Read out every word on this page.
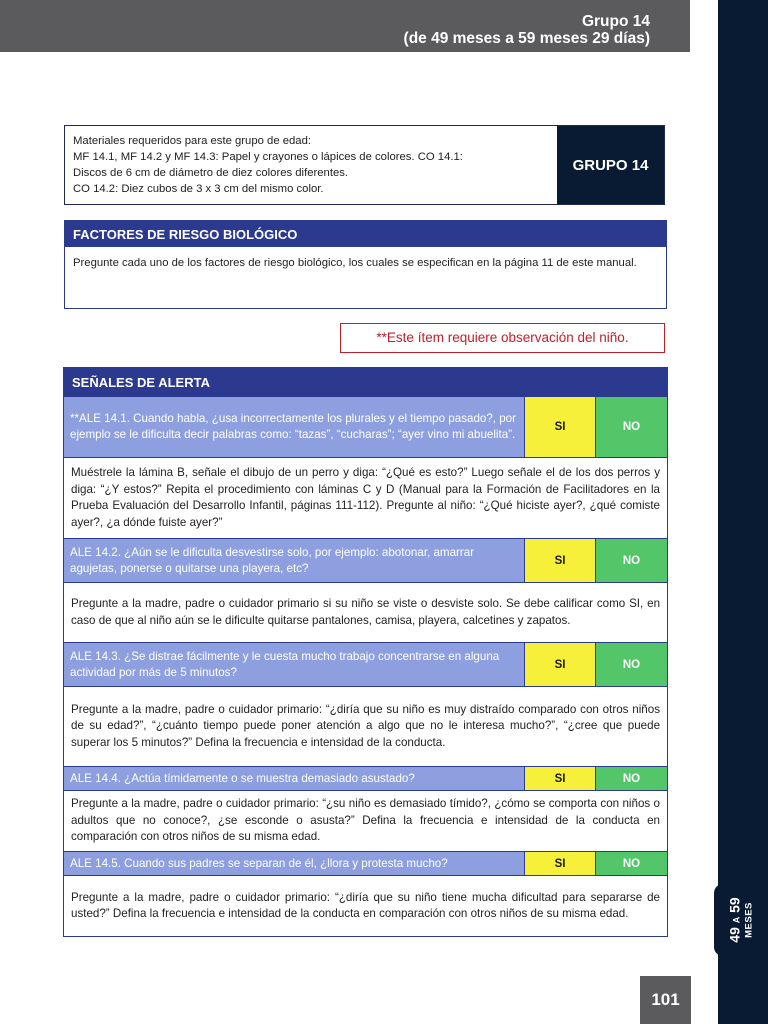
Grupo 14
(de 49 meses a 59 meses 29 días)
49 A 59 MESES
Materiales requeridos para este grupo de edad:
MF 14.1, MF 14.2 y MF 14.3: Papel y crayones o lápices de colores. CO 14.1:
Discos de 6 cm de diámetro de diez colores diferentes.
CO 14.2: Diez cubos de 3 x 3 cm del mismo color.
GRUPO 14
FACTORES DE RIESGO BIOLÓGICO
Pregunte cada uno de los factores de riesgo biológico, los cuales se especifican en la página 11 de este manual.
**Este ítem requiere observación del niño.
SEÑALES DE ALERTA		
**ALE 14.1. Cuando habla, ¿usa incorrectamente los plurales y el tiempo pasado?, por ejemplo se le dificulta decir palabras como: “tazas”, “cucharas”; “ayer vino mi abuelita”.	SI	NO
Muéstrele la lámina B, señale el dibujo de un perro y diga: “¿Qué es esto?” Luego señale el de los dos perros y diga: “¿Y estos?” Repita el procedimiento con láminas C y D (Manual para la Formación de Facilitadores en la Prueba Evaluación del Desarrollo Infantil, páginas 111-112). Pregunte al niño: “¿Qué hiciste ayer?, ¿qué comiste ayer?, ¿a dónde fuiste ayer?”		
ALE 14.2. ¿Aún se le dificulta desvestirse solo, por ejemplo: abotonar, amarrar agujetas, ponerse o quitarse una playera, etc?	SI	NO
Pregunte a la madre, padre o cuidador primario si su niño se viste o desviste solo. Se debe calificar como SI, en caso de que al niño aún se le dificulte quitarse pantalones, camisa, playera, calcetines y zapatos.		
ALE 14.3. ¿Se distrae fácilmente y le cuesta mucho trabajo concentrarse en alguna actividad por más de 5 minutos?	SI	NO
Pregunte a la madre, padre o cuidador primario: “¿diría que su niño es muy distraído comparado con otros niños de su edad?”, “¿cuánto tiempo puede poner atención a algo que no le interesa mucho?”, “¿cree que puede superar los 5 minutos?” Defina la frecuencia e intensidad de la conducta.		
ALE 14.4. ¿Actúa tímidamente o se muestra demasiado asustado?	SI	NO
Pregunte a la madre, padre o cuidador primario: “¿su niño es demasiado tímido?, ¿cómo se comporta con niños o adultos que no conoce?, ¿se esconde o asusta?” Defina la frecuencia e intensidad de la conducta en comparación con otros niños de su misma edad.		
ALE 14.5. Cuando sus padres se separan de él, ¿llora y protesta mucho?	SI	NO
Pregunte a la madre, padre o cuidador primario: “¿diría que su niño tiene mucha dificultad para separarse de usted?” Defina la frecuencia e intensidad de la conducta en comparación con otros niños de su misma edad.		
101
